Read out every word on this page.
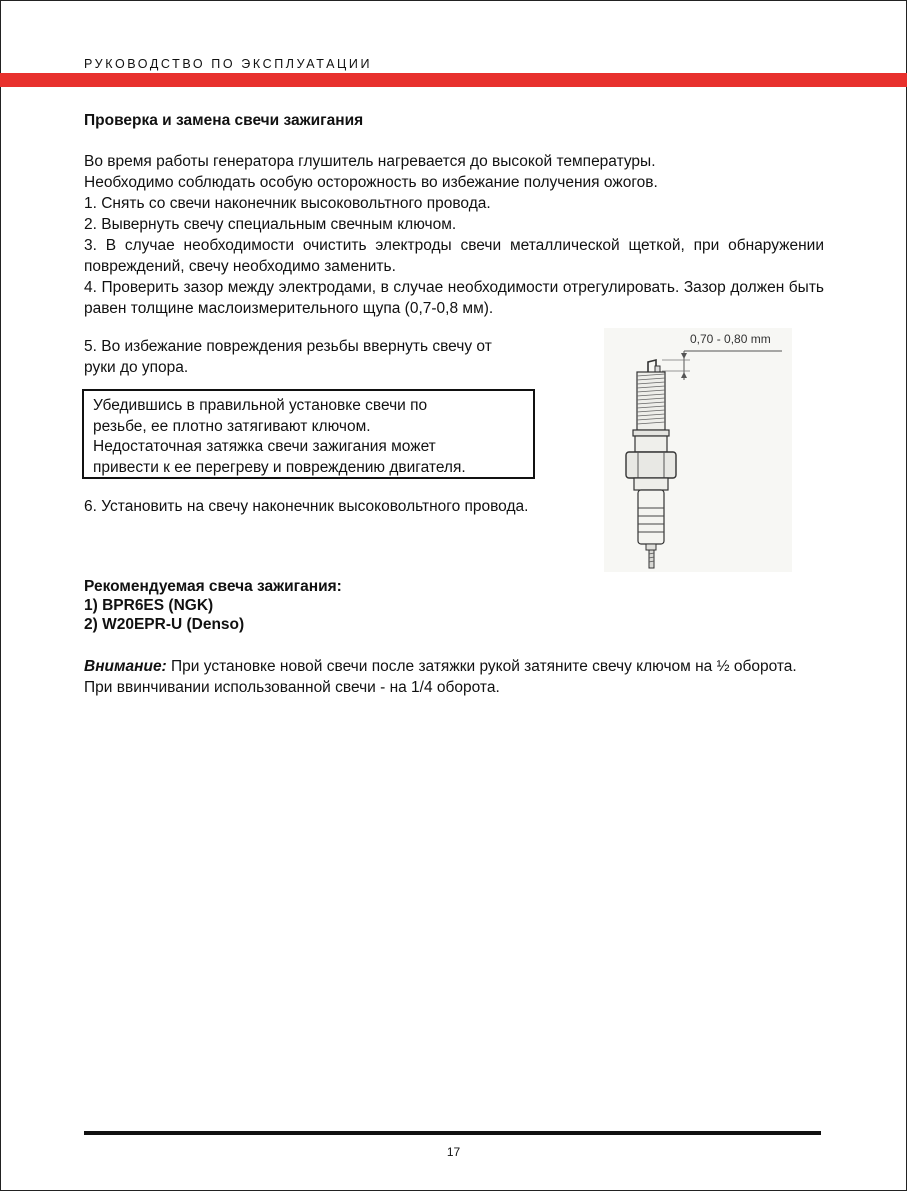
РУКОВОДСТВО ПО ЭКСПЛУАТАЦИИ
Проверка и замена свечи зажигания

Во время работы генератора глушитель нагревается до высокой температуры.

Необходимо соблюдать особую осторожность во избежание получения ожогов.

1. Снять со свечи наконечник высоковольтного провода.

2. Вывернуть свечу специальным свечным ключом.

3. В случае необходимости очистить электроды свечи металлической щеткой, при обнаружении повреждений, свечу необходимо заменить.

4. Проверить зазор между электродами, в случае необходимости отрегулировать. Зазор должен быть равен толщине маслоизмерительного щупа (0,7-0,8 мм).

5. Во избежание повреждения резьбы ввернуть свечу от руки до упора.

Убедившись в правильной установке свечи по

резьбе, ее плотно затягивают ключом.

Недостаточная затяжка свечи зажигания может

привести к ее перегреву и повреждению двигателя.

6. Установить на свечу наконечник высоковольтного провода.

0,70 - 0,80 mm

Рекомендуемая свеча зажигания:

1) BPR6ES (NGK)
2) W20EPR-U (Denso)

Внимание: При установке новой свечи после затяжки рукой затяните свечу ключом на ½ оборота. При ввинчивании использованной свечи - на 1/4 оборота.

17
